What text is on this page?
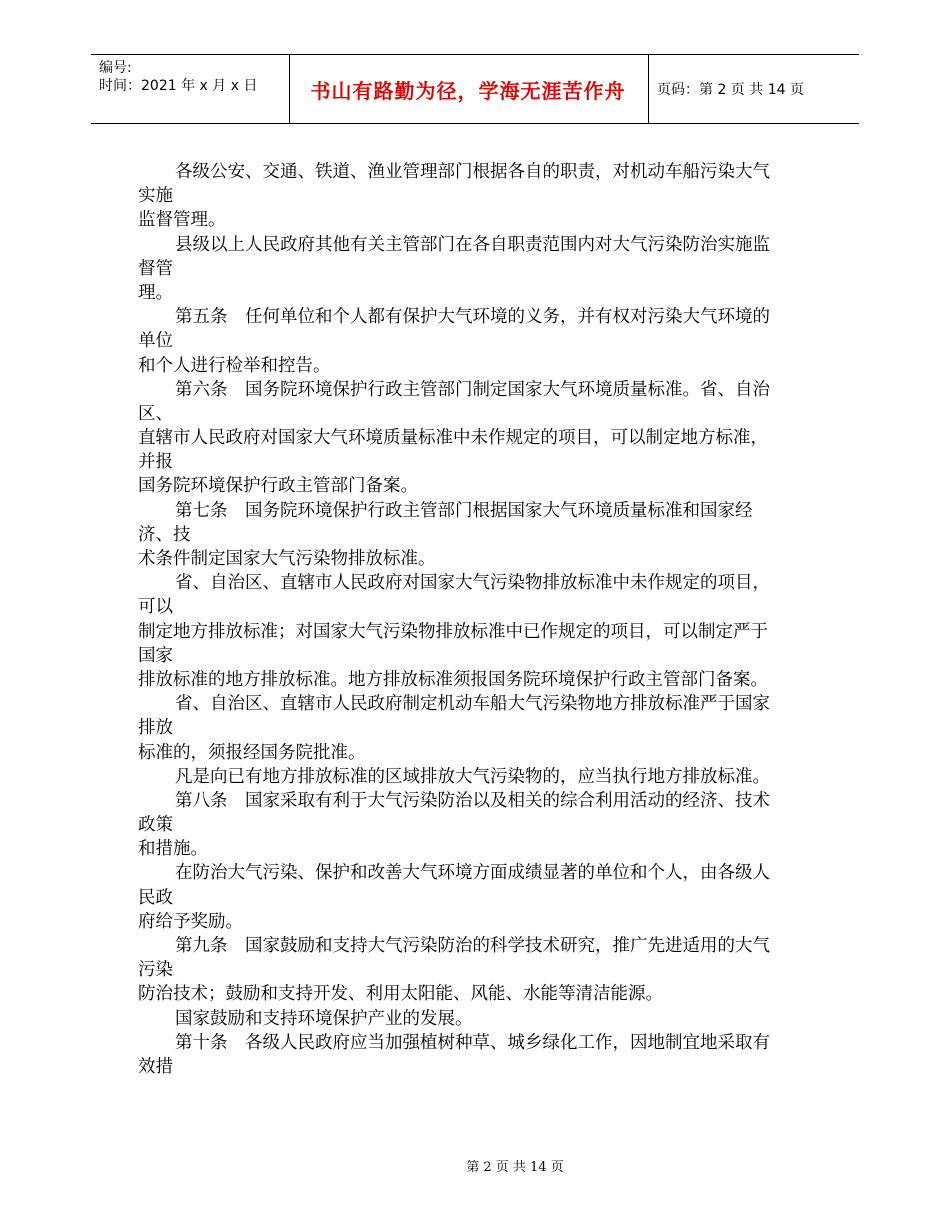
编号:
时间：2021 年 x 月 x 日	书山有路勤为径，学海无涯苦作舟	页码：第 2 页 共 14 页
各级公安、交通、铁道、渔业管理部门根据各自的职责，对机动车船污染大气
实施
监督管理。
县级以上人民政府其他有关主管部门在各自职责范围内对大气污染防治实施监
督管
理。
第五条　任何单位和个人都有保护大气环境的义务，并有权对污染大气环境的
单位
和个人进行检举和控告。
第六条　国务院环境保护行政主管部门制定国家大气环境质量标准。省、自治
区、
直辖市人民政府对国家大气环境质量标准中未作规定的项目，可以制定地方标准，
并报
国务院环境保护行政主管部门备案。
第七条　国务院环境保护行政主管部门根据国家大气环境质量标准和国家经
济、技
术条件制定国家大气污染物排放标准。
省、自治区、直辖市人民政府对国家大气污染物排放标准中未作规定的项目，
可以
制定地方排放标准；对国家大气污染物排放标准中已作规定的项目，可以制定严于
国家
排放标准的地方排放标准。地方排放标准须报国务院环境保护行政主管部门备案。
省、自治区、直辖市人民政府制定机动车船大气污染物地方排放标准严于国家
排放
标准的，须报经国务院批准。
凡是向已有地方排放标准的区域排放大气污染物的，应当执行地方排放标准。
第八条　国家采取有利于大气污染防治以及相关的综合利用活动的经济、技术
政策
和措施。
在防治大气污染、保护和改善大气环境方面成绩显著的单位和个人，由各级人
民政
府给予奖励。
第九条　国家鼓励和支持大气污染防治的科学技术研究，推广先进适用的大气
污染
防治技术；鼓励和支持开发、利用太阳能、风能、水能等清洁能源。
国家鼓励和支持环境保护产业的发展。
第十条　各级人民政府应当加强植树种草、城乡绿化工作，因地制宜地采取有
效措
第 2 页 共 14 页
